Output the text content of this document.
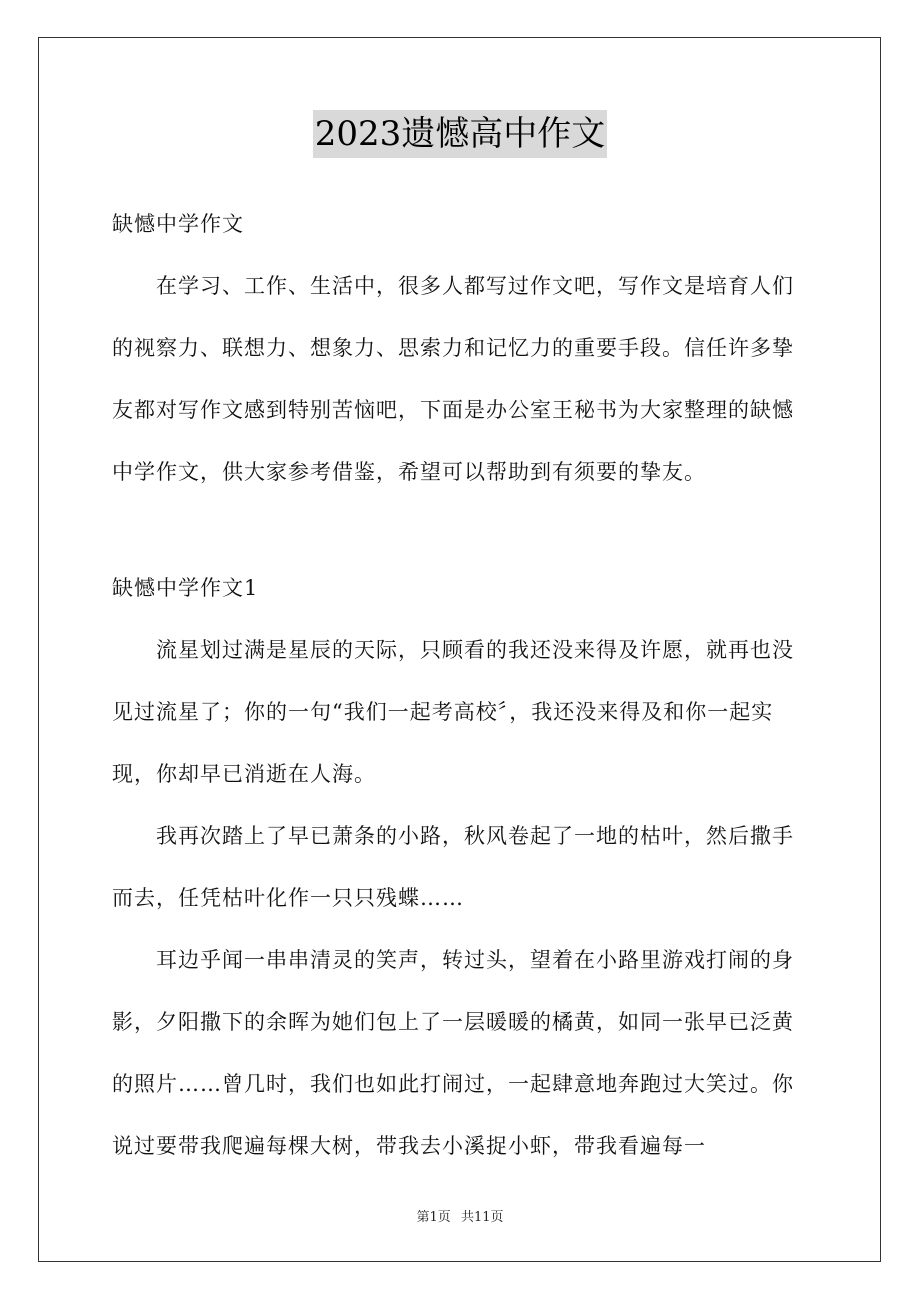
2023遗憾高中作文

缺憾中学作文

在学习、工作、生活中，很多人都写过作文吧，写作文是培育人们的视察力、联想力、想象力、思索力和记忆力的重要手段。信任许多挚友都对写作文感到特别苦恼吧，下面是办公室王秘书为大家整理的缺憾中学作文，供大家参考借鉴，希望可以帮助到有须要的挚友。

缺憾中学作文1

流星划过满是星辰的天际，只顾看的我还没来得及许愿，就再也没见过流星了；你的一句“我们一起考高校〞，我还没来得及和你一起实现，你却早已消逝在人海。

我再次踏上了早已萧条的小路，秋风卷起了一地的枯叶，然后撒手而去，任凭枯叶化作一只只残蝶……

耳边乎闻一串串清灵的笑声，转过头，望着在小路里游戏打闹的身影，夕阳撒下的余晖为她们包上了一层暖暖的橘黄，如同一张早已泛黄的照片……曾几时，我们也如此打闹过，一起肆意地奔跑过大笑过。你说过要带我爬遍每棵大树，带我去小溪捉小虾，带我看遍每一

第1页 共11页
